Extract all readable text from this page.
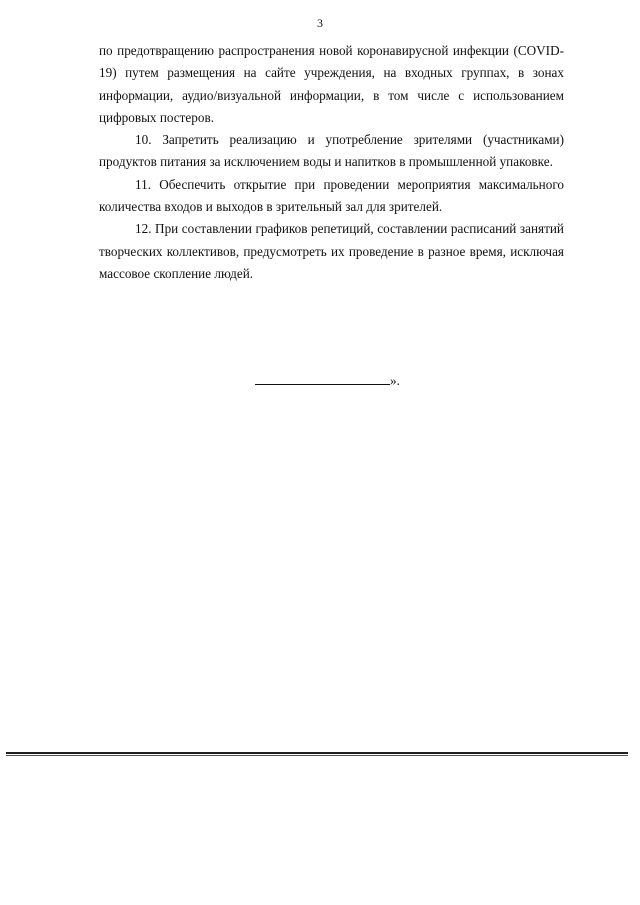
3

по предотвращению распространения новой коронавирусной инфекции (COVID-19) путем размещения на сайте учреждения, на входных группах, в зонах информации, аудио/визуальной информации, в том числе с использованием цифровых постеров.

10. Запретить реализацию и употребление зрителями (участниками) продуктов питания за исключением воды и напитков в промышленной упаковке.

11. Обеспечить открытие при проведении мероприятия максимального количества входов и выходов в зрительный зал для зрителей.

12. При составлении графиков репетиций, составлении расписаний занятий творческих коллективов, предусмотреть их проведение в разное время, исключая массовое скопление людей.

».
